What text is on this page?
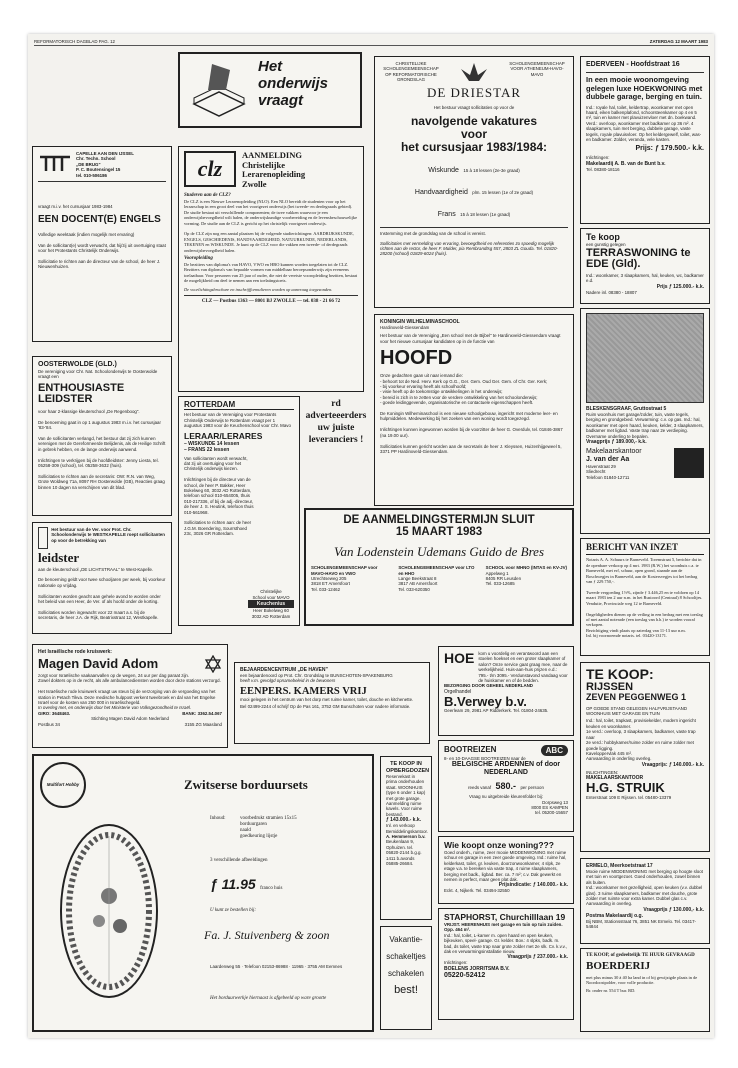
REFORMATORISCH DAGBLAD PAG. 12	ZATERDAG 12 MAART 1983
Het
onderwijs
vraagt
CAPELLE AAN DEN IJSSEL
Chr. Techn. School
„DE BRUG"
P. C. Boutensingel 15
tel. 010-506186
vraagt m.i.v. het cursusjaar 1983-1984
EEN DOCENT(E) ENGELS
Volledige weektaak (indien mogelijk met ervaring)

Van de sollicitant(e) wordt verwacht, dat hij/zij uit overtuiging staat voor het Protestants Christelijk Onderwijs.

Sollicitatie te richten aan de directeur van de school, de heer J. Nieuwenhuizen.
clz
AANMELDING
Christelijke
Lerarenopleiding
Zwolle
Studeren aan de CLZ?
De CLZ is een Nieuwe Lerarenopleiding (NLO). Een NLO bereidt de studenten voor op het leraarschap in een groot deel van het voortgezet onderwijs (het tweede- en derdegraads gebied). De studie bestaat uit verschillende componenten; de twee vakken waarvoor je een onderwijsbevoegdheid wilt halen, de onderwijskundige voorbereiding en de levensbeschouwelijke vorming. De studie aan de CLZ is gericht op het christelijk voortgezet onderwijs.

Op de CLZ zijn nog een aantal plaatsen bij de volgende studierichtingen: AARDRIJKSKUNDE, ENGELS, GESCHIEDENIS, HANDVAARDIGHEID, NATUURKUNDE, NEDERLANDS, TEKENEN en WISKUNDE. Je kunt op de CLZ voor die vakken een tweede- of derdegraads onderwijsbevoegdheid halen.
Vooropleiding
De bezitters van diploma's van HAVO, VWO en HBO kunnen worden toegelaten tot de CLZ.
Bezitters van diploma's van bepaalde vormen van middelbaar beroepsonderwijs zijn eveneens toelaatbaar. Voor personen van 25 jaar of ouder, die niet de vereiste vooropleiding bezitten, bestaat de mogelijkheid om deel te nemen aan een toelatingstoets.
De voorlichtingsbrochure en inschrijfformulieren worden op aanvraag toegezonden.
CLZ — Postbus 1363 — 8001 BJ ZWOLLE — tel. 038 - 21 66 72
CHRISTELIJKE SCHOLENGEMEENSCHAP OP REFORMATORISCHE GRONDSLAG
SCHOLENGEMEENSCHAP VOOR ATHENEUM-HAVO-MAVO
DE DRIESTAR
Het bestuur vraagt sollicitaties op voor de
navolgende vakatures
voor
het cursusjaar 1983/1984:
Wiskunde 15 à 18 lessen (2e-3e graad)
Handvaardigheid plm. 15 lessen (1e of 2e graad)
Frans 15 à 18 lessen (1e graad)
Instemming met de grondslag van de school is vereist.
Sollicitaties met vermelding van ervaring, bevoegdheid en referenties zo spoedig mogelijk richten aan de rector, de heer F. Mulder, pia Rembrandtsg 557, 2803 ZL Gouda. Tel. 01820-28200 (school) 01829-6024 (huis).
EDERVEEN - Hoofdstraat 16
In een mooie woonomgeving gelegen luxe HOEKWONING met dubbele garage, berging en tuin.
Ind.: royale hal, toilet, keldertrap, woonkamer met open haard, eiken balkenplafond, schoorsteenkamer op 4 en 5 m², tuin en kamer met plavuizenvloer met dn. boekwand. Verd.: overloop, woonkamer met badkamer op 36 m². 4 slaapkamers, tuin met berging, dubbele garage, vaste tegels, royale plavuisvloer. Op het keldergewelf, toilet, was- en badkamer. Zolder, veranda, vele kasten.
Prijs: ƒ 179.500.- k.k.
Inlichtingen:
Makelaardij A. B. van de Bunt b.v.
Tel. 08380-18116
Te koop
een gunstig gelegen
TERRASWONING te EDE (Gld).
Ind.: woonkamer, 3 slaapkamers, hal, keuken, wc, badkamer e.d.
Prijs ƒ 125.000.- k.k.
Nadere inl. 08380 - 18807
BLESKENSGRAAF, Gruttostraat 5
Ruim woonhuis met garage/zolder, tuin, vaste tegels, berging en grondgebied. Verwarming: c.v. op gas. Ind.: hal, woonkamer met open haard, keuken, kelder, 3 slaapkamers, badkamer met ligbad. Vaste trap naar 2e verdieping. Overname onderling te bepalen.
Vraagprijs ƒ 189.000,- k.k.
Makelaarskantoor
J. van der Aa
Havenstraat 29
Sliedrecht
Telefoon 01840-12711
KONINGIN WILHELMINASCHOOL
Hardinxveld-Giessendam
Het bestuur van de Vereniging „Een school met de Bijbel" te Hardinxveld-Giessendam vraagt voor het nieuwe cursusjaar kandidaten op in de functie van
HOOFD
Onze gedachten gaan uit naar iemand die:
- behoort tot de Ned. Herv. Kerk op G.G., Ger. Gem. Oud Ger. Gem. of Chr. Ger. Kerk;
- bij voorkeur ervaring heeft als schoolhoofd;
- visie heeft op de toekomstige ontwikkelingen in het onderwijs;
- bereid is zich in te zetten voor de verdere ontwikkeling van het schoolonderwijs;
- goede leidinggevende, organisatorische en contactuele eigenschappen heeft.

De Koningin Wilheminaschool is een nieuwe schoolgebouw, ingericht met moderne leer- en hulpmiddelen. Medewerking bij het zoeken van een woning wordt toegezegd.

Inlichtingen kunnen ingewonnen worden bij de voorzitter de heer G. Overdulv, tel. 01846-3867 (na 19.00 uur).

Sollicitaties kunnen gericht worden aan de secretaris de heer J. Kleyssen, Huizenhijgeweel 5, 3371 PP Hardinxveld-Giessendam.
OOSTERWOLDE (GLD.)
De vereniging voor Chr. Nat. Schoolonderwijs te Oosterwolde vraagt een
ENTHOUSIASTE LEIDSTER
voor haar 2-klassige kleuterschool „De Regenboog".

De benoeming gaat in op 1 augustus 1983 m.i.v. het cursusjaar '83-'84.

Van de sollicitanten verlangd, het bestuur dat zij zich kunnen verenigen met de Gereformeerde Belijdenis, als de Heilige Schrift in gebrek hebben, en de lange onderwijs aanwend.

Inlichtingen te verkrijgen bij de hoofdleidster: Jenny Liesta, tel. 05258-309 (school), tel. 05258-3632 (huis).

Sollicitaties te richten aan de secretaris: OW: R.N. van Weg, Grote Woldweg 71a, 8097 RH Oosterwolde (GB), Reacties graag binnen 10 dagen na verschijnen van dit blad.
ROTTERDAM
Het bestuur van de Vereniging voor Protestants Christelijk Onderwijs te Rotterdam vraagt per 1 augustus 1983 voor de Keuchenschool voor Chr. Mavo
LERAAR/LERARES
– WISKUNDE 14 lessen
– FRANS 22 lessen
Van sollicitanten wordt verwacht, dat zij uit overtuiging voor het Christelijk onderwijs kiezen.

Inlichtingen bij de directeur van de school, de heer P. Bakker, Heer Bokelweg 60, 3032 AD Rotterdam, telefoon school 010-654005, thuis 010-217336, of bij de adj.-directeur, de heer J. S. Heutink, telefoon thuis 010-561968.

Sollicitaties te richten aan: de heer J.G.M. Boendering, Sourrsthoed 23c, 3026 GR Rotterdam.
Christelijke
School voor MAVO
Keuchenius
Heer Bokelweg 60
3032 AD Rotterdam
rd
adverteeerders
uw juiste
leveranciers !
Het bestuur van de Ver. voor Prot. Chr. Schoolonderwijs te WESTKAPELLE roept sollicitanten op voor de betrekking van
leidster
aan de kleuterschool „DE LICHTSTRAAL" te West-Kapelle.

De benoeming geldt voor twee schooljaren per week, bij voorkeur nationale op vrijdag.

Sollicitanten worden geacht aan gehele avond te worden onder het beleid van een Heer, de Ver. of als hoofd onder de korting.

Sollicitaties worden ingewacht voor 22 maart a.s. bij de secretaris, de heer J.A. de Rijk, Beatrixstraat 12, Westkapelle.
DE AANMELDINGSTERMIJN SLUIT
15 MAART 1983
Van Lodenstein Udemans Guido de Bres
SCHOLENGEMEENSCHAP voor MAVO-HAVO en VWO
Utrechtseweg 205
3818 ET Amersfoort
Tel. 033-12462
SCHOLENGEMEENSCHAP voor LTO en HHO
Lange Beekstraat 8
3817 AB Amersfoort
Tel. 033-620350
SCHOOL voor MHNO (INTAS en KV-JV)
Appelweg 1
8405 RR Leusden
Tel. 033-12685
BERICHT VAN INZET
Notaris A. A. Schuurs te Barneveld. Toremstraat 5, berichte dat in de openbare verkoop op 4 mrt. 1983 (R.W.) het woonhuis c.a. te Barneveld, met erf, schuur, open grond, staande aan de Boschwegjes in Barneveld, aan de Kostersvegjes tot het bedrag van ƒ 229.750,-.

Tweede vergoeding 1½%, zijnde ƒ 3.446,25 en te voldoen op 14 maart 1983 ten 2 uur n.m. in het Rustoord (Centraal) 8 Schooltjes. Vendutie, Provinciale weg 12 te Barneveld.

Ongeldigheden dienen op de veiling in een bedrag met een toeslag of met aantal noterade (een toeslag van h.h.) te worden vooraf verkopen.
Bezichtiging vindt plaats op zaterdag van 11-13 uur n.m.
Inl. bij voornoemde notaris. tel. 03420-13171.
Het Israëlische rode kruiswerk:
Magen David Adom
zorgt voor Israëlische vaakaanvallen op de wegen, 24 uur per dag paraat zijn.
Zowel dokters op in de recht, als alle ambulancediensten worden door deze stations verzorgd.

Het Israëlische rode kruiswerk vraagt uw steun bij de verzorging van de vergoeding van het station in Petach Tikva. Deze medische hulppost verkent tweebroek en dal van het Engelse Israël voor de kosten van 250 000 in Israëlischegeld.
In overleg met, en onderwijs door het Ministerie van Volksgezondheid te Israël.
GIRO: 3648463.	BANK: 3362.54.067
Stichting Magen David Adom Nederland
Postbus 34	3155 ZG Maasland
BEJAARDENCENTRUM „DE HAVEN"
een bejaardenoord op Prot. Chr. Grondslag te BUNSCHOTEN-SPAKENBURG
heeft v.m. gevolgd opnamebeleid in de bewoners
EENPERS. KAMERS VRIJ
mooi gelegen in het centrum van het dorp met ruime kamer, toilet, douche en kitchenette.
Bel 02499-2244 of schrijf Op de Pas 161, 3752 GM Bunschoten voor nadere informatie.
HOE kom u voordelig en verantwoord aan een stoelen hoekset en een groter slaapkamer of salon? Onze service gaat graag mee, naar de werkelijkheid. Huis-aan-huis prijzen e.d.: 795.- t/m 3095.- Verdunstavond vandaag voor de huiskamer en of de bedden.
BEZORGING DOOR GEHEEL NEDERLAND
Orgelhandel
B.Verwey b.v.
Geerleam 29, 2981 AP Ridderkerk. Tel. 01804-24635.
BOOTREIZEN	ABC
8- en 10-DAAGSE BOOTREIZEN naar de
BELGISCHE ARDENNEN of door NEDERLAND
reeds vanaf 580.- per persoon
Vraag nu uitgebreide kleurenfolder bij:
Dorpsweg 13
8000 ES KAMPEN
tel. 05200-15657
TE KOOP IN OPBERGDOZEN
Reservekast in prima onderhouden staat. WOONHUIS (type 6 onder 1 kap) met grote garage. Aanmelding ruime kavels. Voor ruime bestand.
ƒ 143.000.- k.k.
Inl. en verkoop Bemiddelingskantoor.
A. Hemmerson b.v.
Beukenlaan 9, Ophuizen. tel. 05820-2144 b.g.g. 1411 b.avonds 05885-26684.
Vakantie-
schakeltjes
schakelen
best!
Wie koopt onze woning???
Goed onderh., ruime, zeer mooie MIDDENWONING met ruime schuur en garage in een zeer goede omgeving. Ind.: ruime hal, kelderkast, toilet, gr. keuken, doorzonwoonkamer, 4 slpk, 2e etage v.a. te bereiken via vaste trap, 4 ruime slaapkamers, berging met badk., ligbad. Ber. ca. 7 m²; c.v. Dak gewerkt en nemen in perfect, maar geen plat dak.
Prijsindicatie: ƒ 140.000.- k.k.
Eckt. 4, Nijkerk. Tel. 03494-32550
STAPHORST, Churchilllaan 19
VRIJST. HEERENHUIS met garage en tuin op tuin zuiden. Opp. 464 m².
Ind.: hal, toilet, L-kamer m. open haard en open keuken, bijkeuken, speel- garage. Gr. kelder. Bov.: 4 slpks, badk. m. bad, ds toilet, vaste trap naar grote zolder met 2e slk. Cv. k.v.v., dak en verwarmingsinstallatie nieuw.
Vraagprijs ƒ 237.000.- k.k.
Inlichtingen:
BOELENS JORRITSMA B.V.
05220-52412
Multifort Hobby	Zwitserse borduursets
Inhoud:	voorbedrukt stramien 15x15
borduurgaren
naald
goedkeuring lijstje
3 verschillende afbeeldingen
ƒ 11.95 franco huis
U kunt ze bestellen bij:
Fa. J. Stuivenberg & zoon
Laardenweg 55 · Telefoon 02153-86988 · 11965 · 3755 AM Eemnes
Het borduurwerkje hiernaast is afgebeeld op ware grootte
TE KOOP:
RIJSSEN
ZEVEN PEGGENWEG 1
OP GOEDE STAND GELEGEN HALFVRIJSTAAND WOONHUIS MET GARAGE EN TUIN
Ind.: hal, toilet, trapkast, provisiekelder, modern ingericht keuken en woonkamer.
1e verd.: overloop, 3 slaapkamers, badkamer, vaste trap naar
2e verd.: hobbykamer/ruime zolder en ruime zolder met goede ligging.
Kaveloppervlak 445 m².
Aanvaarding in onderling overleg.
Vraagprijs: ƒ 140.000.- k.k.
INLICHTINGEN:
MAKELAARSKANTOOR
H.G. STRUIK
Enterstraat 109 E Rijssen. tel. 05480-13379
ERMELO, Meerkoetstraat 17
Mooie ruime MIDDENWONING met berging op hoogte sloot met tuin en voortgezoet. Goed onderhouden, zowel binnen als buiten.
Ind.: woonkamer met gezelligheid, open keuken (v.v. dubbel glas). 3 ruime slaapkamers, badkamer met douche, grote zolder met ruimte voor extra kamer. Dubbel glas c.v. Aanvaarding in overleg.
Vraagprijs ƒ 130.000,- k.k.
Postma Makelaardij o.g.
Bij NBM, Stationsstraat 76, 3851 NK Ermelo. Tel. 03417-54844
TE KOOP, of gedeeltelijk TE HUUR GEVRAAGD
BOERDERIJ
met plus minus 30 à 40 ha land in of bij gewijzigde plaats in de Noordoostpolder, voor volle productie.
Br. onder nr. 554 T bur. RD.
